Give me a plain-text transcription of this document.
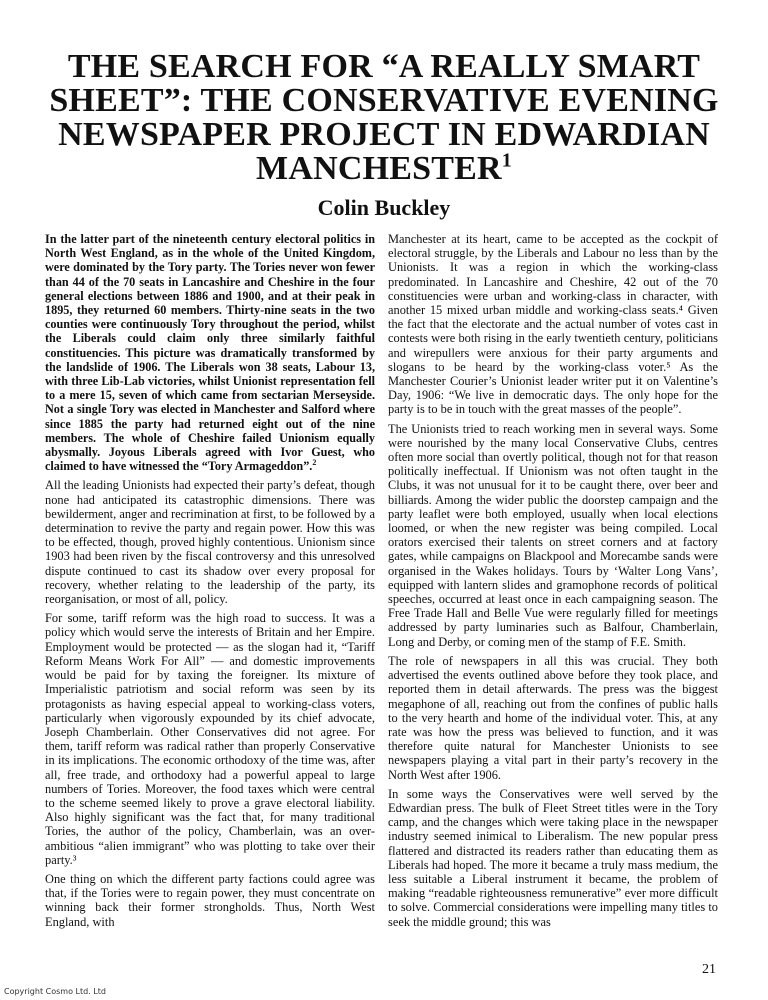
THE SEARCH FOR “A REALLY SMART SHEET”: THE CONSERVATIVE EVENING NEWSPAPER PROJECT IN EDWARDIAN MANCHESTER$^1$
Colin Buckley

In the latter part of the nineteenth century electoral politics in North West England, as in the whole of the United Kingdom, were dominated by the Tory party. The Tories never won fewer than 44 of the 70 seats in Lancashire and Cheshire in the four general elections between 1886 and 1900, and at their peak in 1895, they returned 60 members. Thirty-nine seats in the two counties were continuously Tory throughout the period, whilst the Liberals could claim only three similarly faithful constituencies. This picture was dramatically transformed by the landslide of 1906. The Liberals won 38 seats, Labour 13, with three Lib-Lab victories, whilst Unionist representation fell to a mere 15, seven of which came from sectarian Merseyside. Not a single Tory was elected in Manchester and Salford where since 1885 the party had returned eight out of the nine members. The whole of Cheshire failed Unionism equally abysmally. Joyous Liberals agreed with Ivor Guest, who claimed to have witnessed the “Tory Armageddon”.$^2$

All the leading Unionists had expected their party’s defeat, though none had anticipated its catastrophic dimensions. There was bewilderment, anger and recrimination at first, to be followed by a determination to revive the party and regain power. How this was to be effected, though, proved highly contentious. Unionism since 1903 had been riven by the fiscal controversy and this unresolved dispute continued to cast its shadow over every proposal for recovery, whether relating to the leadership of the party, its reorganisation, or most of all, policy.

For some, tariff reform was the high road to success. It was a policy which would serve the interests of Britain and her Empire. Employment would be protected — as the slogan had it, “Tariff Reform Means Work For All” — and domestic improvements would be paid for by taxing the foreigner. Its mixture of Imperialistic patriotism and social reform was seen by its protagonists as having especial appeal to working-class voters, particularly when vigorously expounded by its chief advocate, Joseph Chamberlain. Other Conservatives did not agree. For them, tariff reform was radical rather than properly Conservative in its implications. The economic orthodoxy of the time was, after all, free trade, and orthodoxy had a powerful appeal to large numbers of Tories. Moreover, the food taxes which were central to the scheme seemed likely to prove a grave electoral liability. Also highly significant was the fact that, for many traditional Tories, the author of the policy, Chamberlain, was an over-ambitious “alien immigrant” who was plotting to take over their party.³

One thing on which the different party factions could agree was that, if the Tories were to regain power, they must concentrate on winning back their former strongholds. Thus, North West England, with

Manchester at its heart, came to be accepted as the cockpit of electoral struggle, by the Liberals and Labour no less than by the Unionists. It was a region in which the working-class predominated. In Lancashire and Cheshire, 42 out of the 70 constituencies were urban and working-class in character, with another 15 mixed urban middle and working-class seats.⁴ Given the fact that the electorate and the actual number of votes cast in contests were both rising in the early twentieth century, politicians and wirepullers were anxious for their party arguments and slogans to be heard by the working-class voter.⁵ As the Manchester Courier’s Unionist leader writer put it on Valentine’s Day, 1906: “We live in democratic days. The only hope for the party is to be in touch with the great masses of the people”.

The Unionists tried to reach working men in several ways. Some were nourished by the many local Conservative Clubs, centres often more social than overtly political, though not for that reason politically ineffectual. If Unionism was not often taught in the Clubs, it was not unusual for it to be caught there, over beer and billiards. Among the wider public the doorstep campaign and the party leaflet were both employed, usually when local elections loomed, or when the new register was being compiled. Local orators exercised their talents on street corners and at factory gates, while campaigns on Blackpool and Morecambe sands were organised in the Wakes holidays. Tours by ‘Walter Long Vans’, equipped with lantern slides and gramophone records of political speeches, occurred at least once in each campaigning season. The Free Trade Hall and Belle Vue were regularly filled for meetings addressed by party luminaries such as Balfour, Chamberlain, Long and Derby, or coming men of the stamp of F.E. Smith.

The role of newspapers in all this was crucial. They both advertised the events outlined above before they took place, and reported them in detail afterwards. The press was the biggest megaphone of all, reaching out from the confines of public halls to the very hearth and home of the individual voter. This, at any rate was how the press was believed to function, and it was therefore quite natural for Manchester Unionists to see newspapers playing a vital part in their party’s recovery in the North West after 1906.

In some ways the Conservatives were well served by the Edwardian press. The bulk of Fleet Street titles were in the Tory camp, and the changes which were taking place in the newspaper industry seemed inimical to Liberalism. The new popular press flattered and distracted its readers rather than educating them as Liberals had hoped. The more it became a truly mass medium, the less suitable a Liberal instrument it became, the problem of making “readable righteousness remunerative” ever more difficult to solve. Commercial considerations were impelling many titles to seek the middle ground; this was

21
Copyright Cosmo Ltd. Ltd
